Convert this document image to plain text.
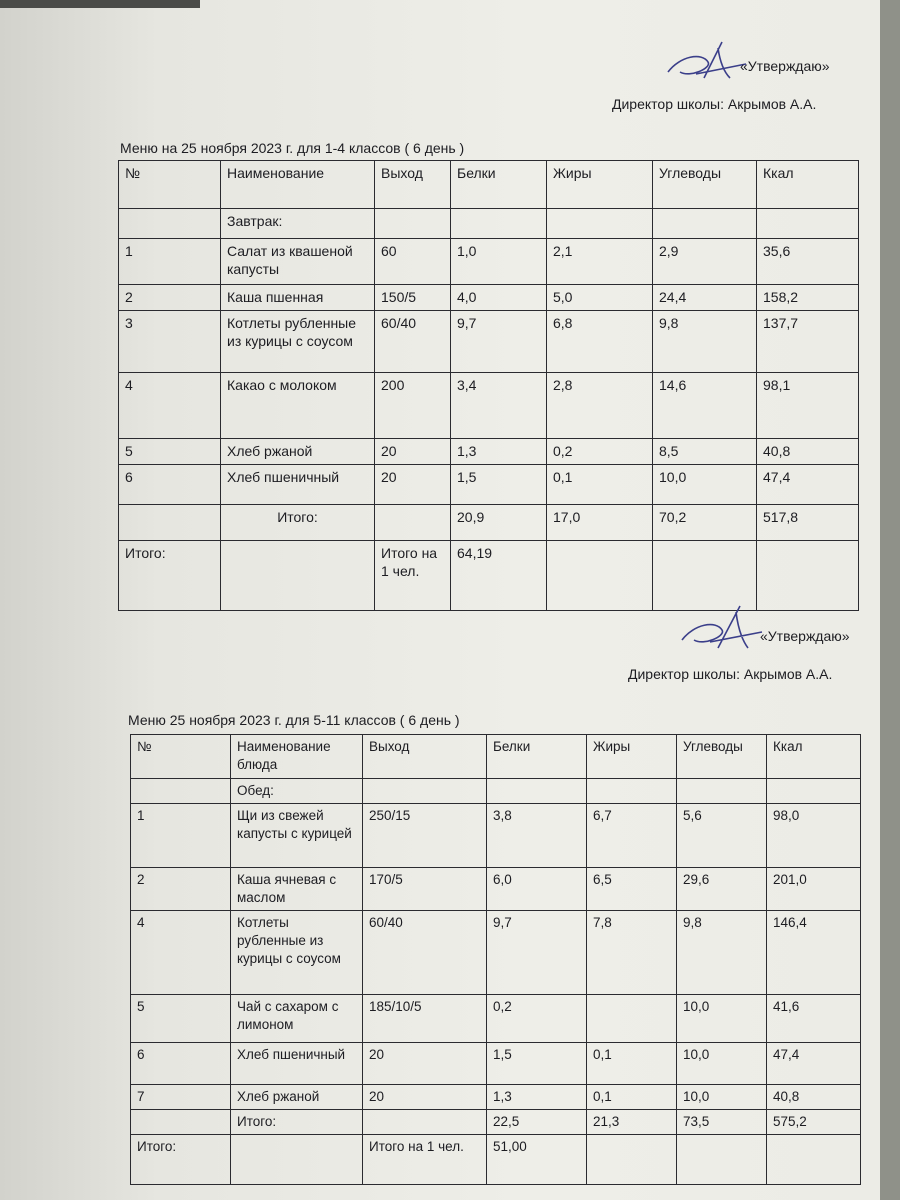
«Утверждаю»
Директор школы: Акрымов А.А.
Меню на 25 ноября 2023 г. для 1-4 классов ( 6 день )
№	Наименование	Выход	Белки	Жиры	Углеводы	Ккал
	Завтрак:					
1	Салат из квашеной капусты	60	1,0	2,1	2,9	35,6
2	Каша пшенная	150/5	4,0	5,0	24,4	158,2
3	Котлеты рубленные из курицы с соусом	60/40	9,7	6,8	9,8	137,7
4	Какао с молоком	200	3,4	2,8	14,6	98,1
5	Хлеб ржаной	20	1,3	0,2	8,5	40,8
6	Хлеб пшеничный	20	1,5	0,1	10,0	47,4
	Итого:		20,9	17,0	70,2	517,8
Итого:		Итого на 1 чел.	64,19			
«Утверждаю»
Директор школы: Акрымов А.А.
Меню 25 ноября 2023 г. для 5-11 классов ( 6 день )
№	Наименование блюда	Выход	Белки	Жиры	Углеводы	Ккал
	Обед:					
1	Щи из свежей капусты с курицей	250/15	3,8	6,7	5,6	98,0
2	Каша ячневая с маслом	170/5	6,0	6,5	29,6	201,0
4	Котлеты рубленные из курицы с соусом	60/40	9,7	7,8	9,8	146,4
5	Чай с сахаром с лимоном	185/10/5	0,2		10,0	41,6
6	Хлеб пшеничный	20	1,5	0,1	10,0	47,4
7	Хлеб ржаной	20	1,3	0,1	10,0	40,8
	Итого:		22,5	21,3	73,5	575,2
Итого:		Итого на 1 чел.	51,00			
